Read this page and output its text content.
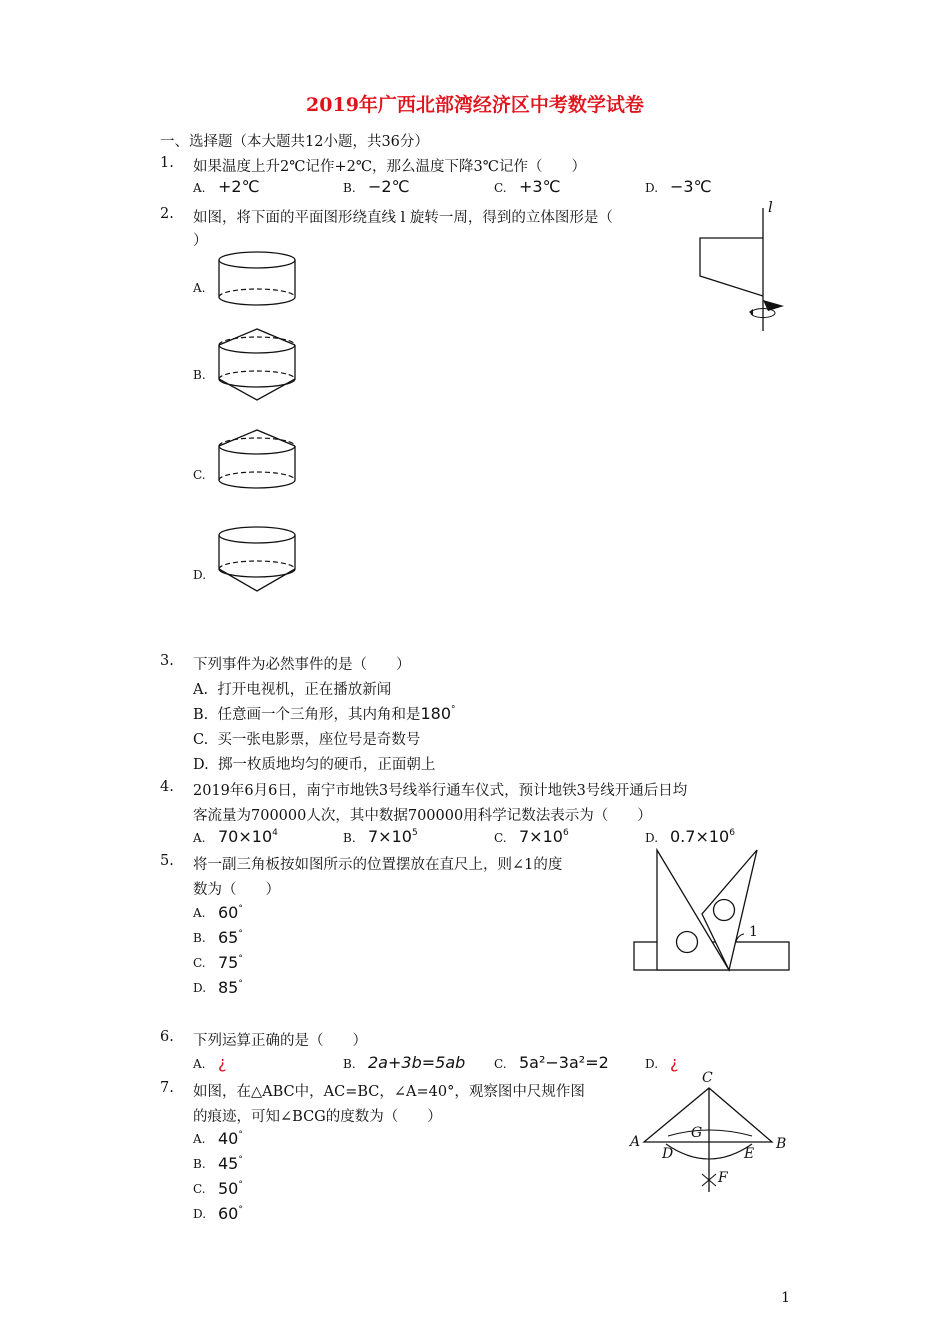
2019年广西北部湾经济区中考数学试卷
一、选择题（本大题共12小题，共36分）
1. 如果温度上升2℃记作+2℃，那么温度下降3℃记作（　　）
A. +2℃	B. −2℃	C. +3℃	D. −3℃
2. 如图，将下面的平面图形绕直线 l 旋转一周，得到的立体图形是（
）
l
A.
B.
C.
D.
3. 下列事件为必然事件的是（　　）
A. 打开电视机，正在播放新闻
B. 任意画一个三角形，其内角和是180°
C. 买一张电影票，座位号是奇数号
D. 掷一枚质地均匀的硬币，正面朝上
4. 2019年6月6日，南宁市地铁3号线举行通车仪式，预计地铁3号线开通后日均
客流量为700000人次，其中数据700000用科学记数法表示为（　　）
A. $70\times 10^4$	B. $7\times 10^5$	C. $7\times 10^6$	D. $0.7\times 10^6$
5. 将一副三角板按如图所示的位置摆放在直尺上，则∠1的度
数为（　　）
A. 60°
B. 65°
C. 75°
D. 85°
1
6. 下列运算正确的是（　　）
A. ¿	B. 2a+3b=5ab C. 5a²−3a²=2	D. ¿
7. 如图，在△ABC中，AC=BC，∠A=40°，观察图中尺规作图
的痕迹，可知∠BCG的度数为（　　）
A. 40°
B. 45°
C. 50°
D. 60°
C
A	B
G
D	E
F
1
